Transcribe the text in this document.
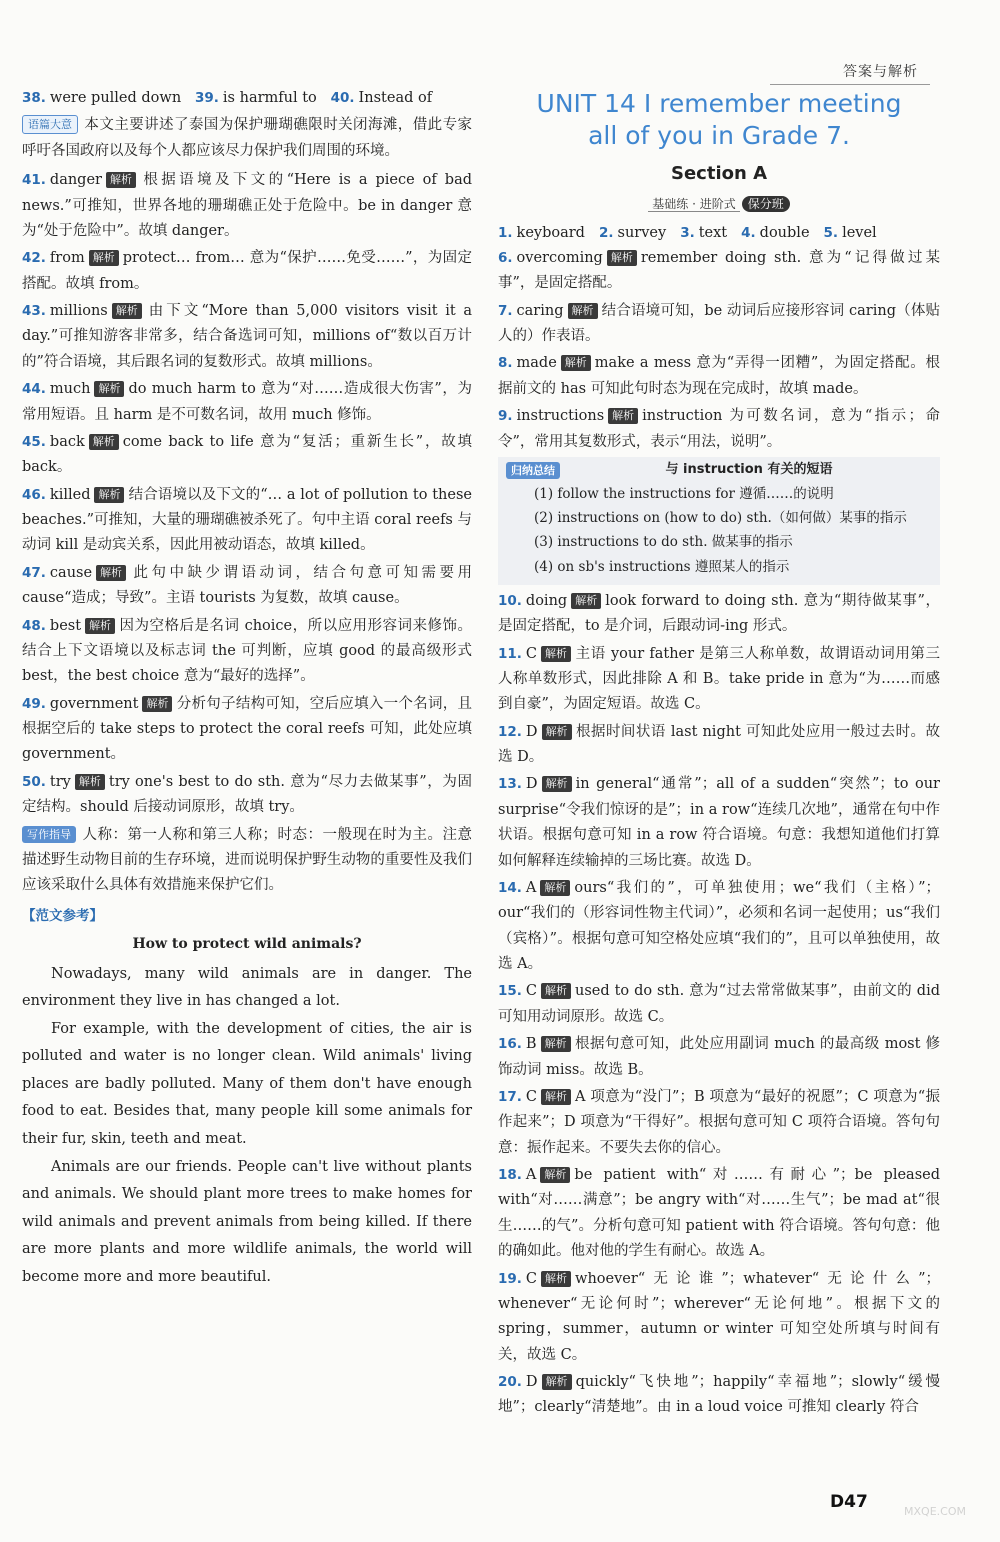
答案与解析
38. were pulled down 39. is harmful to 40. Instead of
语篇大意 本文主要讲述了泰国为保护珊瑚礁限时关闭海滩，借此专家呼吁各国政府以及每个人都应该尽力保护我们周围的环境。
41. danger 解析 根据语境及下文的“Here is a piece of bad news.”可推知，世界各地的珊瑚礁正处于危险中。be in danger 意为“处于危险中”。故填 danger。
42. from 解析 protect… from… 意为“保护……免受……”，为固定搭配。故填 from。
43. millions 解析 由下文“More than 5,000 visitors visit it a day.”可推知游客非常多，结合备选词可知，millions of“数以百万计的”符合语境，其后跟名词的复数形式。故填 millions。
44. much 解析 do much harm to 意为“对……造成很大伤害”，为常用短语。且 harm 是不可数名词，故用 much 修饰。
45. back 解析 come back to life 意为“复活；重新生长”，故填 back。
46. killed 解析 结合语境以及下文的“… a lot of pollution to these beaches.”可推知，大量的珊瑚礁被杀死了。句中主语 coral reefs 与动词 kill 是动宾关系，因此用被动语态，故填 killed。
47. cause 解析 此句中缺少谓语动词，结合句意可知需要用 cause“造成；导致”。主语 tourists 为复数，故填 cause。
48. best 解析 因为空格后是名词 choice，所以应用形容词来修饰。结合上下文语境以及标志词 the 可判断，应填 good 的最高级形式 best，the best choice 意为“最好的选择”。
49. government 解析 分析句子结构可知，空后应填入一个名词，且根据空后的 take steps to protect the coral reefs 可知，此处应填 government。
50. try 解析 try one's best to do sth. 意为“尽力去做某事”，为固定结构。should 后接动词原形，故填 try。
写作指导 人称：第一人称和第三人称；时态：一般现在时为主。注意描述野生动物目前的生存环境，进而说明保护野生动物的重要性及我们应该采取什么具体有效措施来保护它们。
【范文参考】
How to protect wild animals?

Nowadays, many wild animals are in danger. The environment they live in has changed a lot.

For example, with the development of cities, the air is polluted and water is no longer clean. Wild animals' living places are badly polluted. Many of them don't have enough food to eat. Besides that, many people kill some animals for their fur, skin, teeth and meat.

Animals are our friends. People can't live without plants and animals. We should plant more trees to make homes for wild animals and prevent animals from being killed. If there are more plants and more wildlife animals, the world will become more and more beautiful.

UNIT 14 I remember meeting
all of you in Grade 7.
Section A
基础练 · 进阶式 保分班
1. keyboard 2. survey 3. text 4. double 5. level
6. overcoming 解析 remember doing sth. 意为“记得做过某事”，是固定搭配。
7. caring 解析 结合语境可知，be 动词后应接形容词 caring（体贴人的）作表语。
8. made 解析 make a mess 意为“弄得一团糟”，为固定搭配。根据前文的 has 可知此句时态为现在完成时，故填 made。
9. instructions 解析 instruction 为可数名词，意为“指示；命令”，常用其复数形式，表示“用法，说明”。
归纳总结	与 instruction 有关的短语
(1) follow the instructions for 遵循……的说明
(2) instructions on (how to do) sth.（如何做）某事的指示
(3) instructions to do sth. 做某事的指示
(4) on sb's instructions 遵照某人的指示
10. doing 解析 look forward to doing sth. 意为“期待做某事”，是固定搭配，to 是介词，后跟动词-ing 形式。
11. C 解析 主语 your father 是第三人称单数，故谓语动词用第三人称单数形式，因此排除 A 和 B。take pride in 意为“为……而感到自豪”，为固定短语。故选 C。
12. D 解析 根据时间状语 last night 可知此处应用一般过去时。故选 D。
13. D 解析 in general“通常”；all of a sudden“突然”；to our surprise“令我们惊讶的是”；in a row“连续几次地”，通常在句中作状语。根据句意可知 in a row 符合语境。句意：我想知道他们打算如何解释连续输掉的三场比赛。故选 D。
14. A 解析 ours“我们的”，可单独使用；we“我们（主格）”；our“我们的（形容词性物主代词）”，必须和名词一起使用；us“我们（宾格）”。根据句意可知空格处应填“我们的”，且可以单独使用，故选 A。
15. C 解析 used to do sth. 意为“过去常常做某事”，由前文的 did 可知用动词原形。故选 C。
16. B 解析 根据句意可知，此处应用副词 much 的最高级 most 修饰动词 miss。故选 B。
17. C 解析 A 项意为“没门”；B 项意为“最好的祝愿”；C 项意为“振作起来”；D 项意为“干得好”。根据句意可知 C 项符合语境。答句句意：振作起来。不要失去你的信心。
18. A 解析 be patient with“对……有耐心”；be pleased with“对……满意”；be angry with“对……生气”；be mad at“很生……的气”。分析句意可知 patient with 符合语境。答句句意：他的确如此。他对他的学生有耐心。故选 A。
19. C 解析 whoever“无论谁”；whatever“无论什么”；whenever“无论何时”；wherever“无论何地”。根据下文的 spring，summer，autumn or winter 可知空处所填与时间有关，故选 C。
20. D 解析 quickly“飞快地”；happily“幸福地”；slowly“缓慢地”；clearly“清楚地”。由 in a loud voice 可推知 clearly 符合
D47	MXQE.COM
